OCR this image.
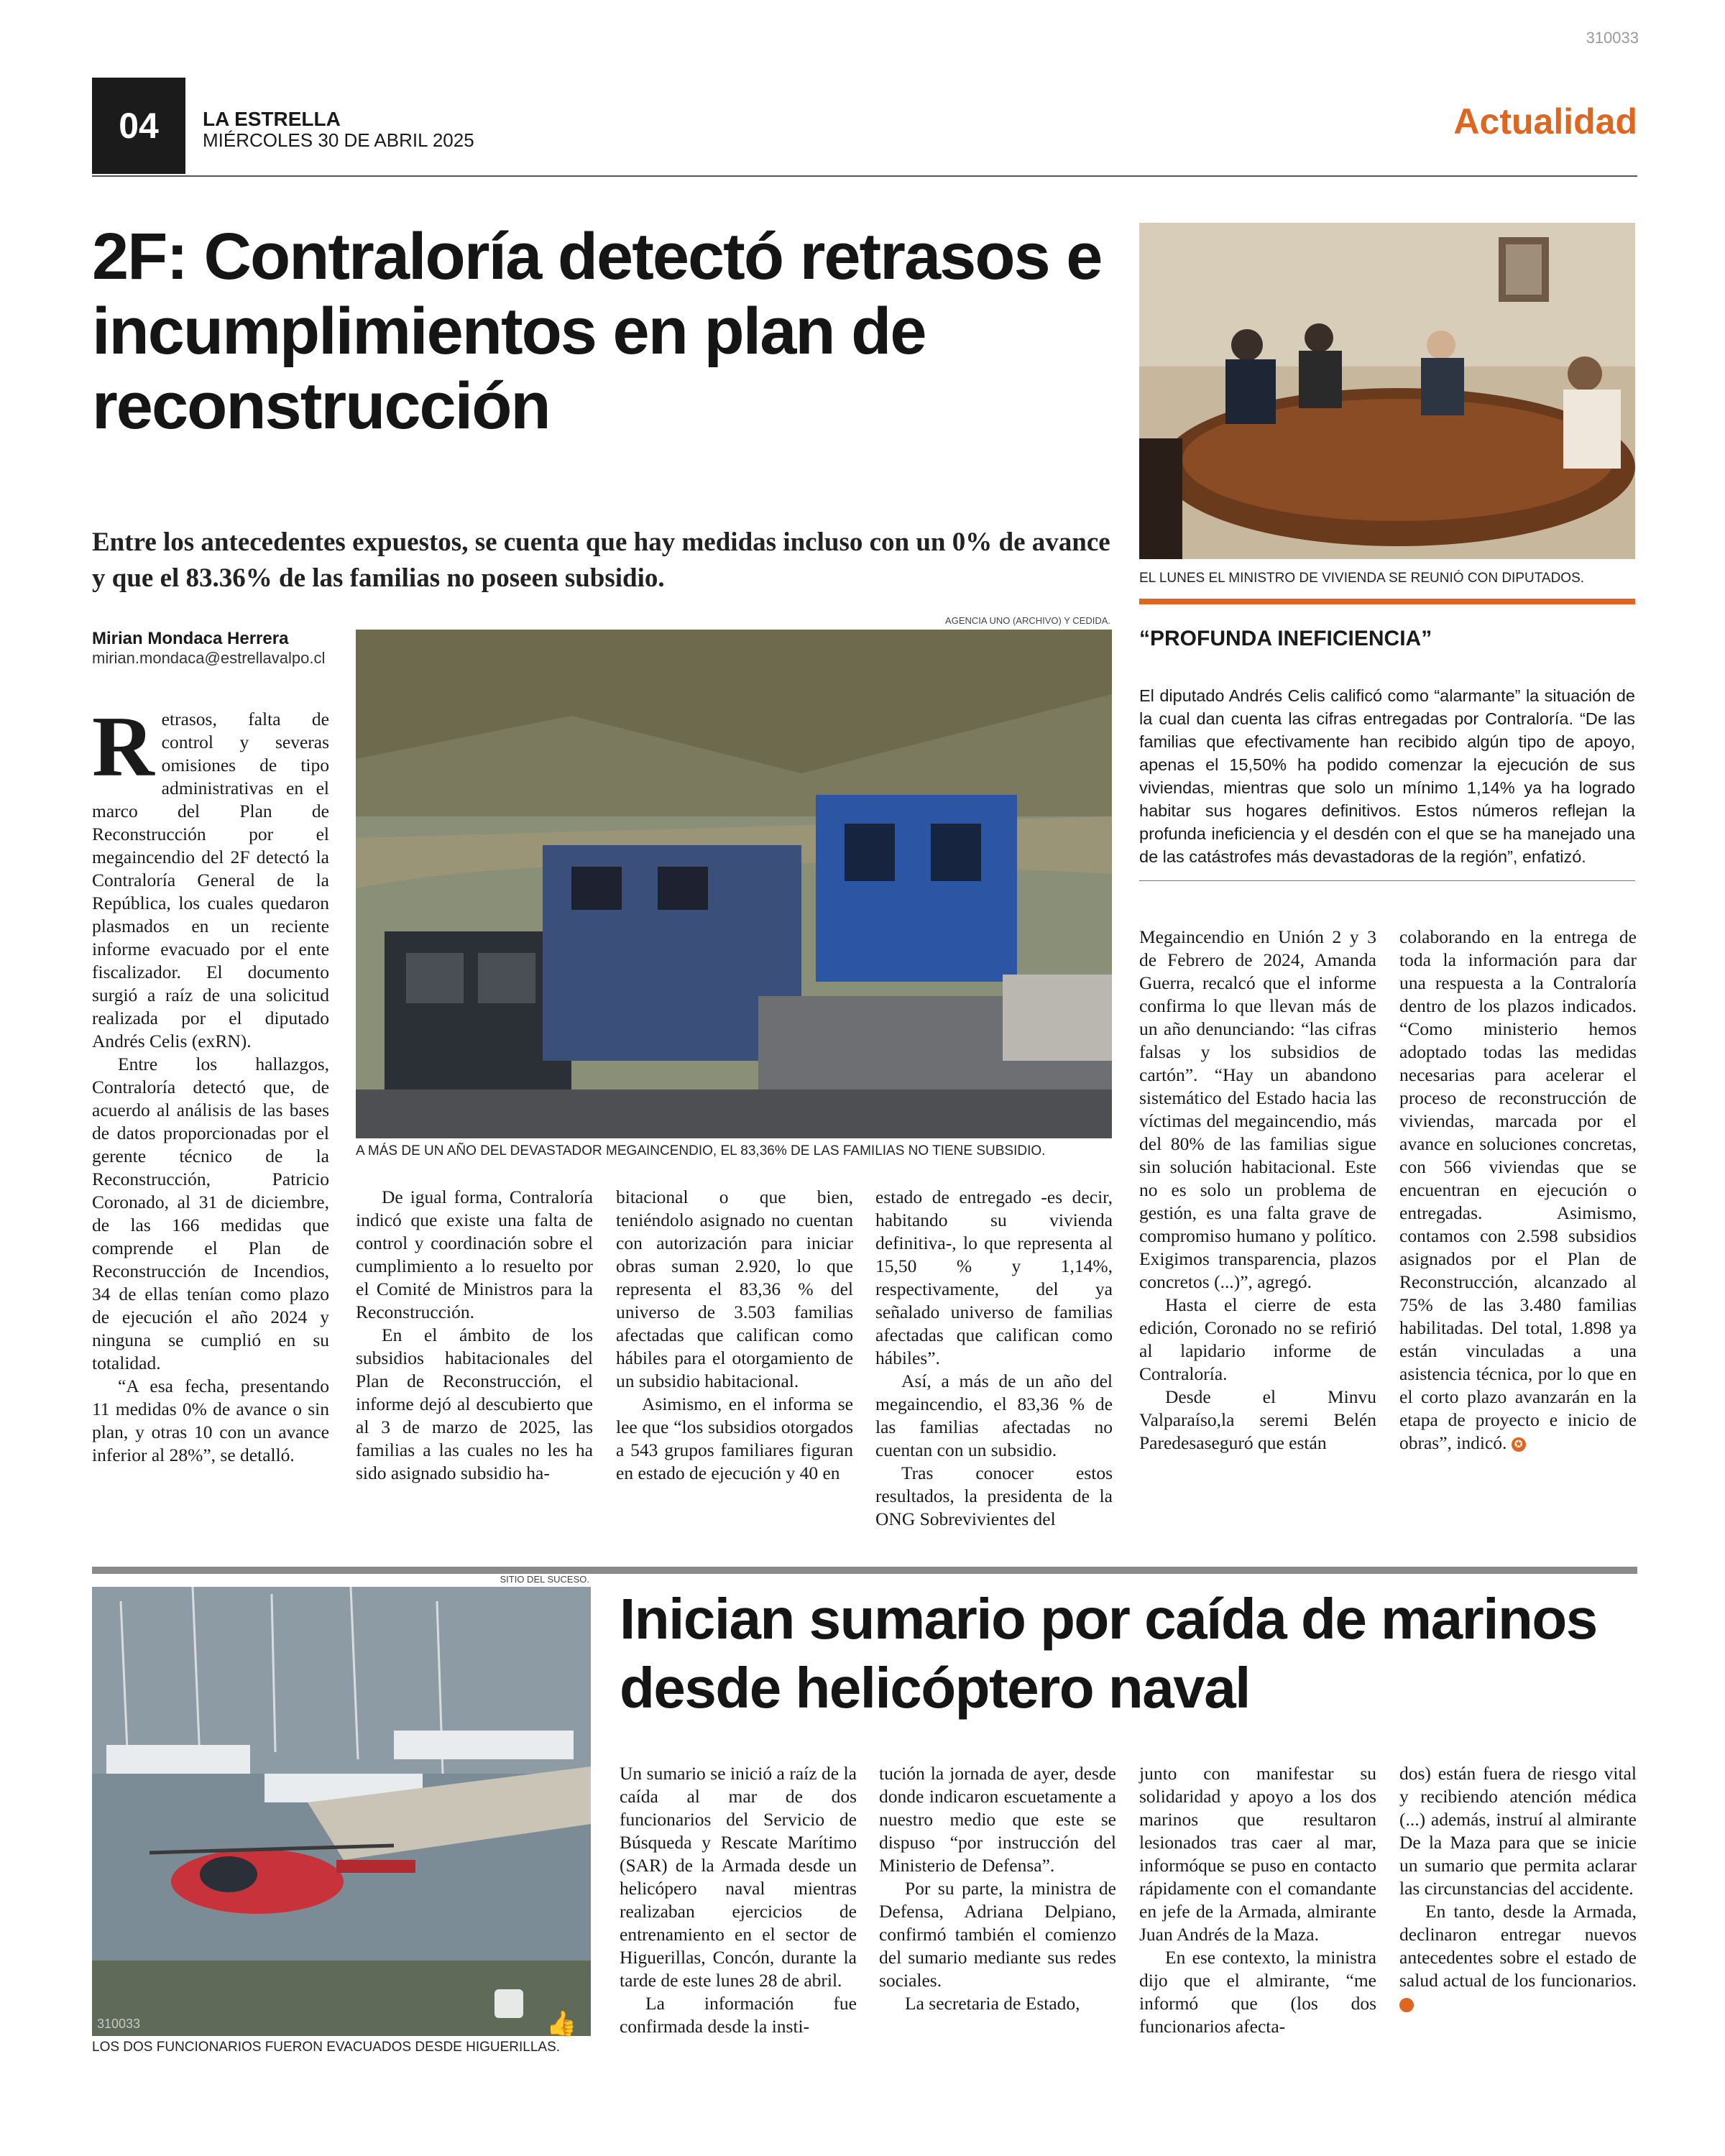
310033
04	LA ESTRELLA
MIÉRCOLES 30 DE ABRIL 2025	Actualidad
2F: Contraloría detectó retrasos e incumplimientos en plan de reconstrucción
Entre los antecedentes expuestos, se cuenta que hay medidas incluso con un 0% de avance y que el 83.36% de las familias no poseen subsidio.
Mirian Mondaca Herrera
mirian.mondaca@estrellavalpo.cl
AGENCIA UNO (ARCHIVO) Y CEDIDA.
A MÁS DE UN AÑO DEL DEVASTADOR MEGAINCENDIO, EL 83,36% DE LAS FAMILIAS NO TIENE SUBSIDIO.

Retrasos, falta de control y severas omisiones de tipo administrativas en el marco del Plan de Reconstrucción por el megaincendio del 2F detectó la Contraloría General de la República, los cuales quedaron plasmados en un reciente informe evacuado por el ente fiscalizador. El documento surgió a raíz de una solicitud realizada por el diputado Andrés Celis (exRN).

Entre los hallazgos, Contraloría detectó que, de acuerdo al análisis de las bases de datos proporcionadas por el gerente técnico de la Reconstrucción, Patricio Coronado, al 31 de diciembre, de las 166 medidas que comprende el Plan de Reconstrucción de Incendios, 34 de ellas tenían como plazo de ejecución el año 2024 y ninguna se cumplió en su totalidad.

“A esa fecha, presentando 11 medidas 0% de avance o sin plan, y otras 10 con un avance inferior al 28%”, se detalló.

De igual forma, Contraloría indicó que existe una falta de control y coordinación sobre el cumplimiento a lo resuelto por el Comité de Ministros para la Reconstrucción.

En el ámbito de los subsidios habitacionales del Plan de Reconstrucción, el informe dejó al descubierto que al 3 de marzo de 2025, las familias a las cuales no les ha sido asignado subsidio ha-

bitacional o que bien, teniéndolo asignado no cuentan con autorización para iniciar obras suman 2.920, lo que representa el 83,36 % del universo de 3.503 familias afectadas que califican como hábiles para el otorgamiento de un subsidio habitacional.

Asimismo, en el informa se lee que “los subsidios otorgados a 543 grupos familiares figuran en estado de ejecución y 40 en

estado de entregado -es decir, habitando su vivienda definitiva-, lo que representa al 15,50 % y 1,14%, respectivamente, del ya señalado universo de familias afectadas que califican como hábiles”.

Así, a más de un año del megaincendio, el 83,36 % de las familias afectadas no cuentan con un subsidio.

Tras conocer estos resultados, la presidenta de la ONG Sobrevivientes del

EL LUNES EL MINISTRO DE VIVIENDA SE REUNIÓ CON DIPUTADOS.
“PROFUNDA INEFICIENCIA”
El diputado Andrés Celis calificó como “alarmante” la situación de la cual dan cuenta las cifras entregadas por Contraloría. “De las familias que efectivamente han recibido algún tipo de apoyo, apenas el 15,50% ha podido comenzar la ejecución de sus viviendas, mientras que solo un mínimo 1,14% ya ha logrado habitar sus hogares definitivos. Estos números reflejan la profunda ineficiencia y el desdén con el que se ha manejado una de las catástrofes más devastadoras de la región”, enfatizó.

Megaincendio en Unión 2 y 3 de Febrero de 2024, Amanda Guerra, recalcó que el informe confirma lo que llevan más de un año denunciando: “las cifras falsas y los subsidios de cartón”. “Hay un abandono sistemático del Estado hacia las víctimas del megaincendio, más del 80% de las familias sigue sin solución habitacional. Este no es solo un problema de gestión, es una falta grave de compromiso humano y político. Exigimos transparencia, plazos concretos (...)”, agregó.

Hasta el cierre de esta edición, Coronado no se refirió al lapidario informe de Contraloría.

Desde el Minvu Valparaíso,la seremi Belén Paredesaseguró que están

colaborando en la entrega de toda la información para dar una respuesta a la Contraloría dentro de los plazos indicados. “Como ministerio hemos adoptado todas las medidas necesarias para acelerar el proceso de reconstrucción de viviendas, marcada por el avance en soluciones concretas, con 566 viviendas que se encuentran en ejecución o entregadas. Asimismo, contamos con 2.598 subsidios asignados por el Plan de Reconstrucción, alcanzado al 75% de las 3.480 familias habilitadas. Del total, 1.898 ya están vinculadas a una asistencia técnica, por lo que en el corto plazo avanzarán en la etapa de proyecto e inicio de obras”, indicó. ✪

SITIO DEL SUCESO.
310033	👍
LOS DOS FUNCIONARIOS FUERON EVACUADOS DESDE HIGUERILLAS.
Inician sumario por caída de marinos desde helicóptero naval

Un sumario se inició a raíz de la caída al mar de dos funcionarios del Servicio de Búsqueda y Rescate Marítimo (SAR) de la Armada desde un helicópero naval mientras realizaban ejercicios de entrenamiento en el sector de Higuerillas, Concón, durante la tarde de este lunes 28 de abril.

La información fue confirmada desde la insti-

tución la jornada de ayer, desde donde indicaron escuetamente a nuestro medio que este se dispuso “por instrucción del Ministerio de Defensa”.

Por su parte, la ministra de Defensa, Adriana Delpiano, confirmó también el comienzo del sumario mediante sus redes sociales.

La secretaria de Estado,

junto con manifestar su solidaridad y apoyo a los dos marinos que resultaron lesionados tras caer al mar, informóque se puso en contacto rápidamente con el comandante en jefe de la Armada, almirante Juan Andrés de la Maza.

En ese contexto, la ministra dijo que el almirante, “me informó que (los dos funcionarios afecta-

dos) están fuera de riesgo vital y recibiendo atención médica (...) además, instruí al almirante De la Maza para que se inicie un sumario que permita aclarar las circunstancias del accidente.

En tanto, desde la Armada, declinaron entregar nuevos antecedentes sobre el estado de salud actual de los funcionarios. ✪
